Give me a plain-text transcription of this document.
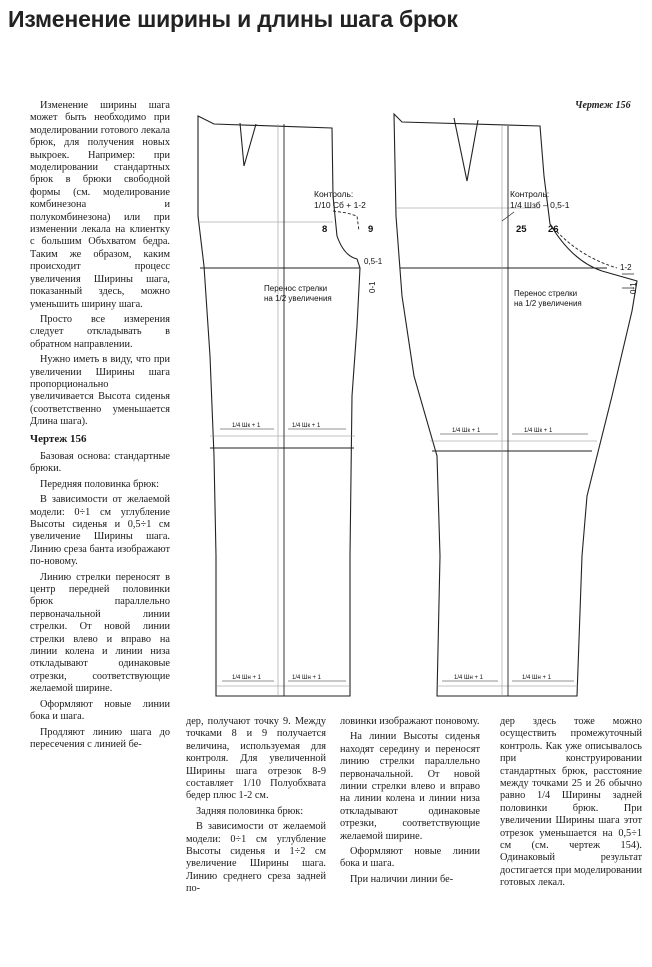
Изменение ширины и длины шага брюк

Изменение ширины шага может быть необходимо при моделировании готового лекала брюк, для получения новых выкроек. Например: при моделировании стандартных брюк в брюки свободной формы (см. моделирование комбинезона и полукомбинезона) или при изменении лекала на клиентку с большим Объхватом бедра. Таким же образом, каким происходит процесс увеличения Ширины шага, показанный здесь, можно уменьшить ширину шага.

Просто все измерения следует откладывать в обратном направлении.

Нужно иметь в виду, что при увеличении Ширины шага пропорционально увеличивается Высота сиденья (соответственно уменьшается Длина шага).

Чертеж 156

Базовая основа: стандартные брюки.

Передняя половинка брюк:

В зависимости от желаемой модели: 0÷1 см углубление Высоты сиденья и 0,5÷1 см увеличение Ширины шага. Линию среза банта изображают по-новому.

Линию стрелки переносят в центр передней половинки брюк параллельно первоначальной линии стрелки. От новой линии стрелки влево и вправо на линии колена и линии низа откладывают одинаковые отрезки, соответствующие желаемой ширине.

Оформляют новые линии бока и шага.

Продляют линию шага до пересечения с линией бе-

дер, получают точку 9. Между точками 8 и 9 получается величина, используемая для контроля. Для увеличенной Ширины шага отрезок 8-9 составляет 1/10 Полуобхвата бедер плюс 1-2 см.

Задняя половинка брюк:

В зависимости от желаемой модели: 0÷1 см углубление Высоты сиденья и 1÷2 см увеличение Ширины шага. Линию среднего среза задней по-

ловинки изображают поновому.

На линии Высоты сиденья находят середину и переносят линию стрелки параллельно первоначальной. От новой линии стрелки влево и вправо на линии колена и линии низа откладывают одинаковые отрезки, соответствующие желаемой ширине.

Оформляют новые линии бока и шага.

При наличии линии бе-

дер здесь тоже можно осуществить промежуточный контроль. Как уже описывалось при конструировании стандартных брюк, расстояние между точками 25 и 26 обычно равно 1/4 Ширины задней половинки брюк. При увеличении Ширины шага этот отрезок уменьшается на 0,5÷1 см (см. чертеж 154). Одинаковый результат достигается при моделировании готовых лекал.

Чертеж 156
Контроль:
1/10 Сб + 1-2
8	9
0,5-1
0-1
Перенос стрелки
на 1/2 увеличения
1/4 Шк + 1	1/4 Шк + 1
1/4 Шн + 1	1/4 Шн + 1
Контроль:
1/4 Шзб – 0,5-1
25 26
1-2
0-1
Перенос стрелки
на 1/2 увеличения
1/4 Шк + 1	1/4 Шк + 1
1/4 Шн + 1	1/4 Шн + 1
